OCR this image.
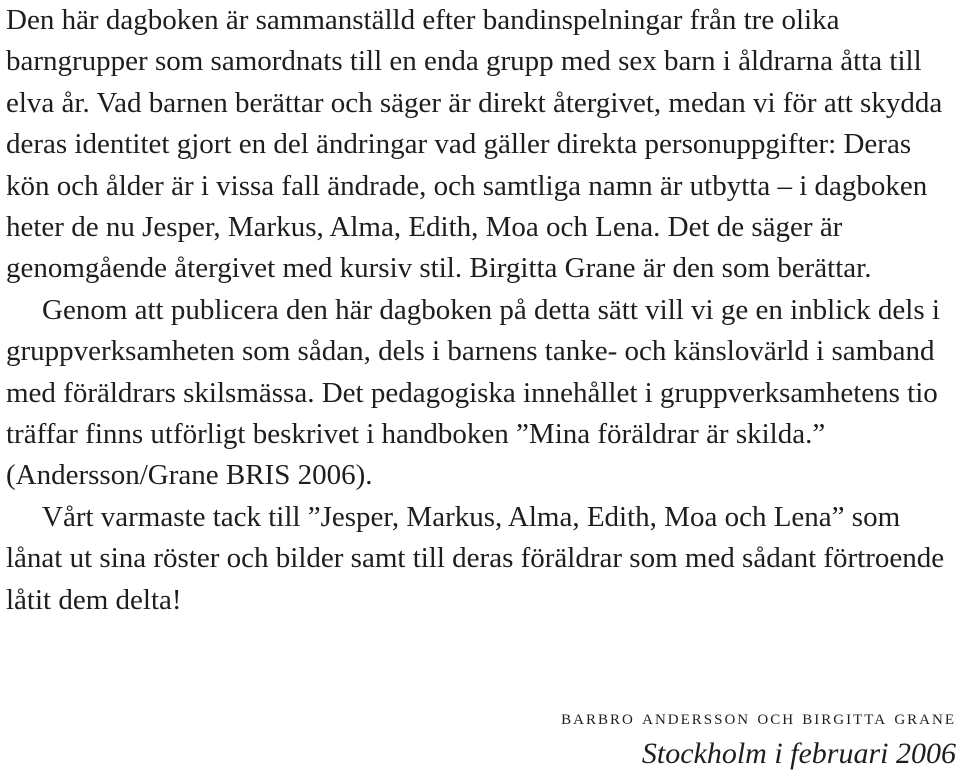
Den här dagboken är sammanställd efter bandinspelningar från tre olika barngrupper som samordnats till en enda grupp med sex barn i åldrarna åtta till elva år. Vad barnen berättar och säger är direkt återgivet, medan vi för att skydda deras identitet gjort en del ändringar vad gäller direkta personuppgifter: Deras kön och ålder är i vissa fall ändrade, och samtliga namn är utbytta – i dagboken heter de nu Jesper, Markus, Alma, Edith, Moa och Lena. Det de säger är genomgående återgivet med kursiv stil. Birgitta Grane är den som berättar.

Genom att publicera den här dagboken på detta sätt vill vi ge en inblick dels i gruppverksamheten som sådan, dels i barnens tanke- och känslovärld i samband med föräldrars skilsmässa. Det pedagogiska innehållet i gruppverksamhetens tio träffar finns utförligt beskrivet i handboken ”Mina föräldrar är skilda.” (Andersson/Grane BRIS 2006).

Vårt varmaste tack till ”Jesper, Markus, Alma, Edith, Moa och Lena” som lånat ut sina röster och bilder samt till deras föräldrar som med sådant förtroende låtit dem delta!

barbro andersson och birgitta grane
Stockholm i februari 2006
